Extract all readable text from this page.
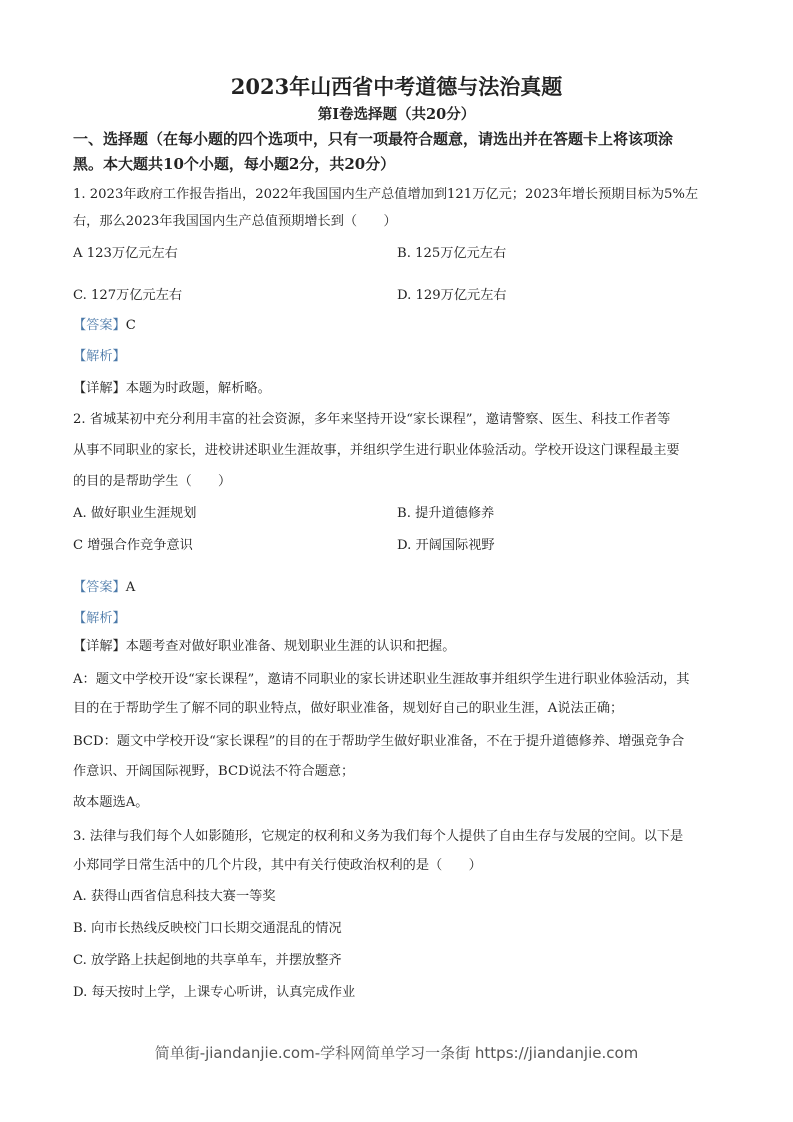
2023年山西省中考道德与法治真题
第Ⅰ卷选择题（共20分）
一、选择题（在每小题的四个选项中，只有一项最符合题意，请选出并在答题卡上将该项涂
黑。本大题共10个小题，每小题2分，共20分）
1. 2023年政府工作报告指出，2022年我国国内生产总值增加到121万亿元；2023年增长预期目标为5%左
右，那么2023年我国国内生产总值预期增长到（　　）
A 123万亿元左右	B. 125万亿元左右
C. 127万亿元左右	D. 129万亿元左右
【答案】C
【解析】
【详解】本题为时政题，解析略。
2. 省城某初中充分利用丰富的社会资源，多年来坚持开设“家长课程”，邀请警察、医生、科技工作者等
从事不同职业的家长，进校讲述职业生涯故事，并组织学生进行职业体验活动。学校开设这门课程最主要
的目的是帮助学生（　　）
A. 做好职业生涯规划	B. 提升道德修养
C 增强合作竞争意识	D. 开阔国际视野
【答案】A
【解析】
【详解】本题考查对做好职业准备、规划职业生涯的认识和把握。
A：题文中学校开设“家长课程”，邀请不同职业的家长讲述职业生涯故事并组织学生进行职业体验活动，其
目的在于帮助学生了解不同的职业特点，做好职业准备，规划好自己的职业生涯，A说法正确；
BCD：题文中学校开设“家长课程”的目的在于帮助学生做好职业准备，不在于提升道德修养、增强竞争合
作意识、开阔国际视野，BCD说法不符合题意；
故本题选A。
3. 法律与我们每个人如影随形，它规定的权利和义务为我们每个人提供了自由生存与发展的空间。以下是
小郑同学日常生活中的几个片段，其中有关行使政治权利的是（　　）
A. 获得山西省信息科技大赛一等奖
B. 向市长热线反映校门口长期交通混乱的情况
C. 放学路上扶起倒地的共享单车，并摆放整齐
D. 每天按时上学，上课专心听讲，认真完成作业
简单街-jiandanjie.com-学科网简单学习一条街 https://jiandanjie.com
